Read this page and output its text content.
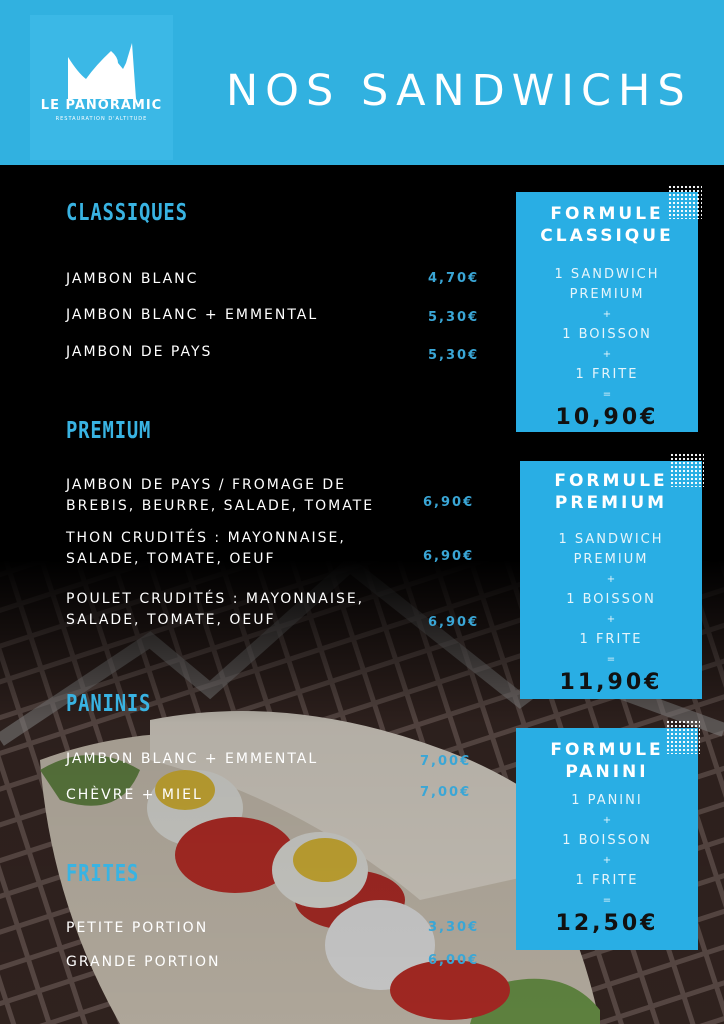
LE PANORAMIC
RESTAURATION D'ALTITUDE
NOS SANDWICHS
CLASSIQUES
JAMBON BLANC	4,70€
JAMBON BLANC + EMMENTAL	5,30€
JAMBON DE PAYS	5,30€
PREMIUM
JAMBON DE PAYS / FROMAGE DE
BREBIS, BEURRE, SALADE, TOMATE	6,90€
THON CRUDITÉS : MAYONNAISE,
SALADE, TOMATE, OEUF	6,90€
POULET CRUDITÉS : MAYONNAISE,
SALADE, TOMATE, OEUF	6,90€
PANINIS
JAMBON BLANC + EMMENTAL	7,00€
CHÈVRE + MIEL	7,00€
FRITES
PETITE PORTION	3,30€
GRANDE PORTION	6,00€
FORMULE
CLASSIQUE
1 SANDWICH
PREMIUM
+
1 BOISSON
+
1 FRITE
=
10,90€
FORMULE
PREMIUM
1 SANDWICH
PREMIUM
+
1 BOISSON
+
1 FRITE
=
11,90€
FORMULE
PANINI
1 PANINI
+
1 BOISSON
+
1 FRITE
=
12,50€
